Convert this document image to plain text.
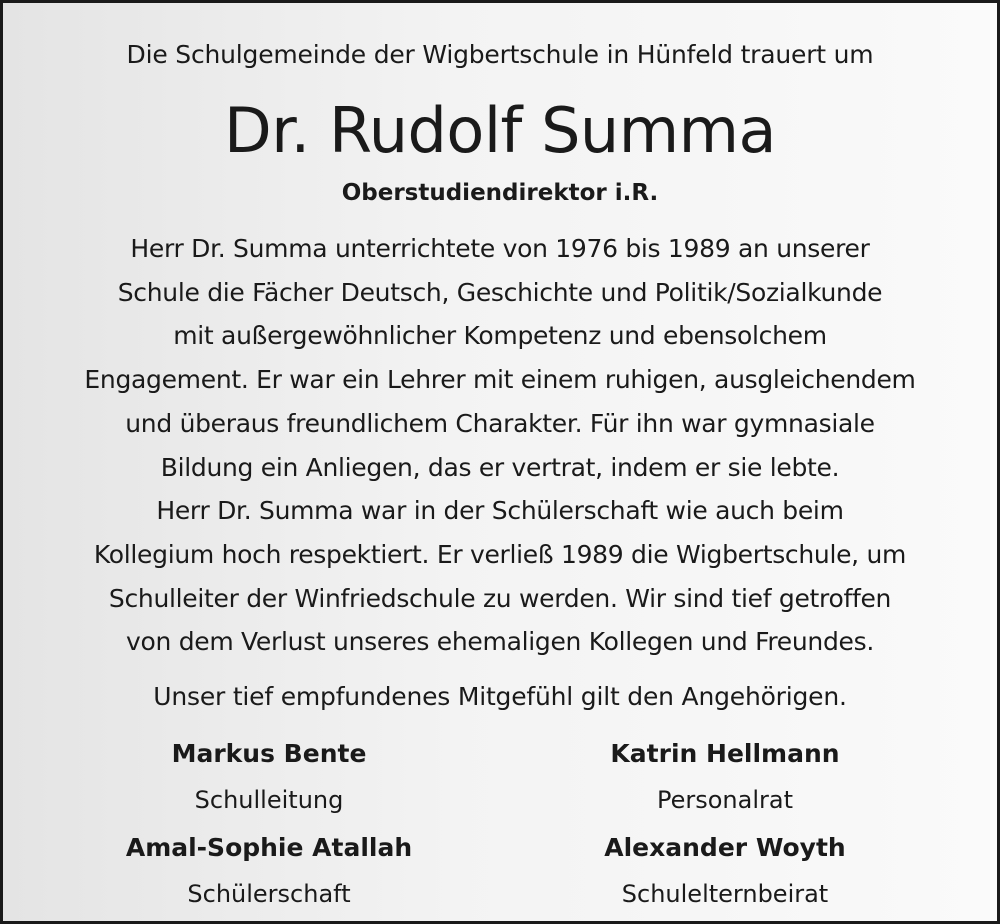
Die Schulgemeinde der Wigbertschule in Hünfeld trauert um
Dr. Rudolf Summa
Oberstudiendirektor i.R.
Herr Dr. Summa unterrichtete von 1976 bis 1989 an unserer
Schule die Fächer Deutsch, Geschichte und Politik/Sozialkunde
mit außergewöhnlicher Kompetenz und ebensolchem
Engagement. Er war ein Lehrer mit einem ruhigen, ausgleichendem
und überaus freundlichem Charakter. Für ihn war gymnasiale
Bildung ein Anliegen, das er vertrat, indem er sie lebte.
Herr Dr. Summa war in der Schülerschaft wie auch beim
Kollegium hoch respektiert. Er verließ 1989 die Wigbertschule, um
Schulleiter der Winfriedschule zu werden. Wir sind tief getroffen
von dem Verlust unseres ehemaligen Kollegen und Freundes.
Unser tief empfundenes Mitgefühl gilt den Angehörigen.
Markus Bente
Schulleitung
Katrin Hellmann
Personalrat
Amal-Sophie Atallah
Schülerschaft
Alexander Woyth
Schulelternbeirat
